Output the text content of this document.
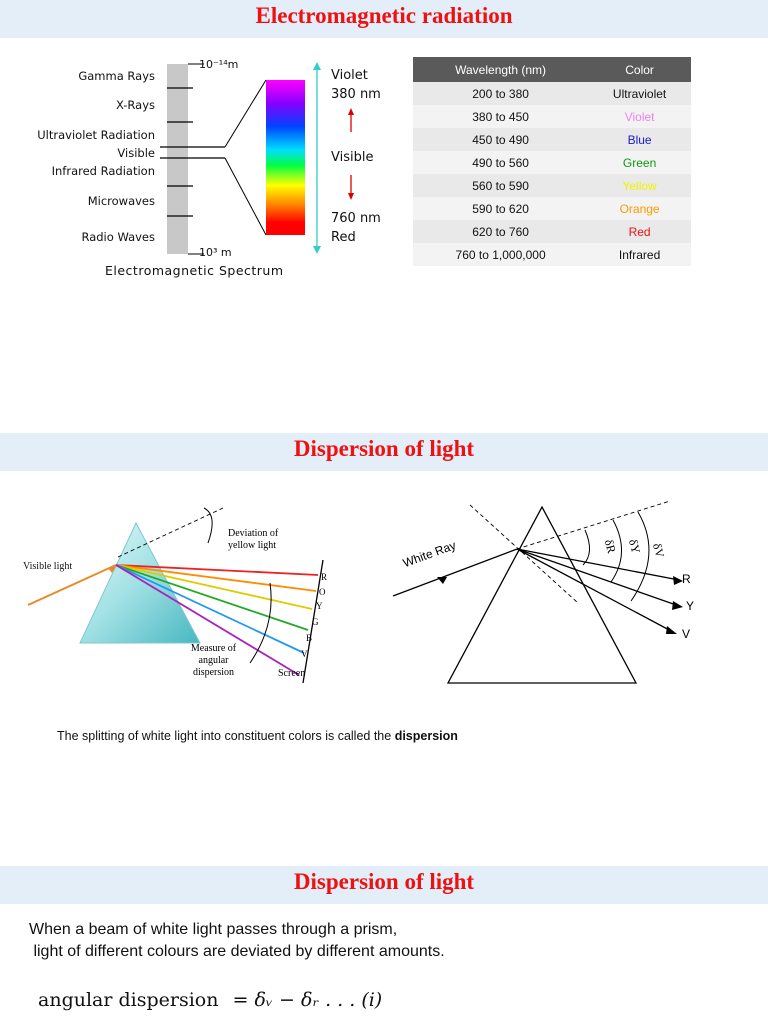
Electromagnetic radiation
Gamma Rays
X-Rays
Ultraviolet Radiation
Visible
Infrared Radiation
Microwaves
Radio Waves
10⁻¹⁴m
10³ m
Violet
380 nm
Visible
760 nm
Red
Electromagnetic Spectrum
Wavelength (nm)	Color
200 to 380	Ultraviolet
380 to 450	Violet
450 to 490	Blue
490 to 560	Green
560 to 590	Yellow
590 to 620	Orange
620 to 760	Red
760 to 1,000,000	Infrared
Dispersion of light
Visible light
Deviation of
yellow light
Measure of
angular
dispersion	Screen
R
O
Y
G
B
V
White Ray	δR δY δV
R
Y
V
The splitting of white light into constituent colors is called the dispersion
Dispersion of light
When a beam of white light passes through a prism,
light of different colours are deviated by different amounts.
angular dispersion = δᵥ − δᵣ . . . (i)
